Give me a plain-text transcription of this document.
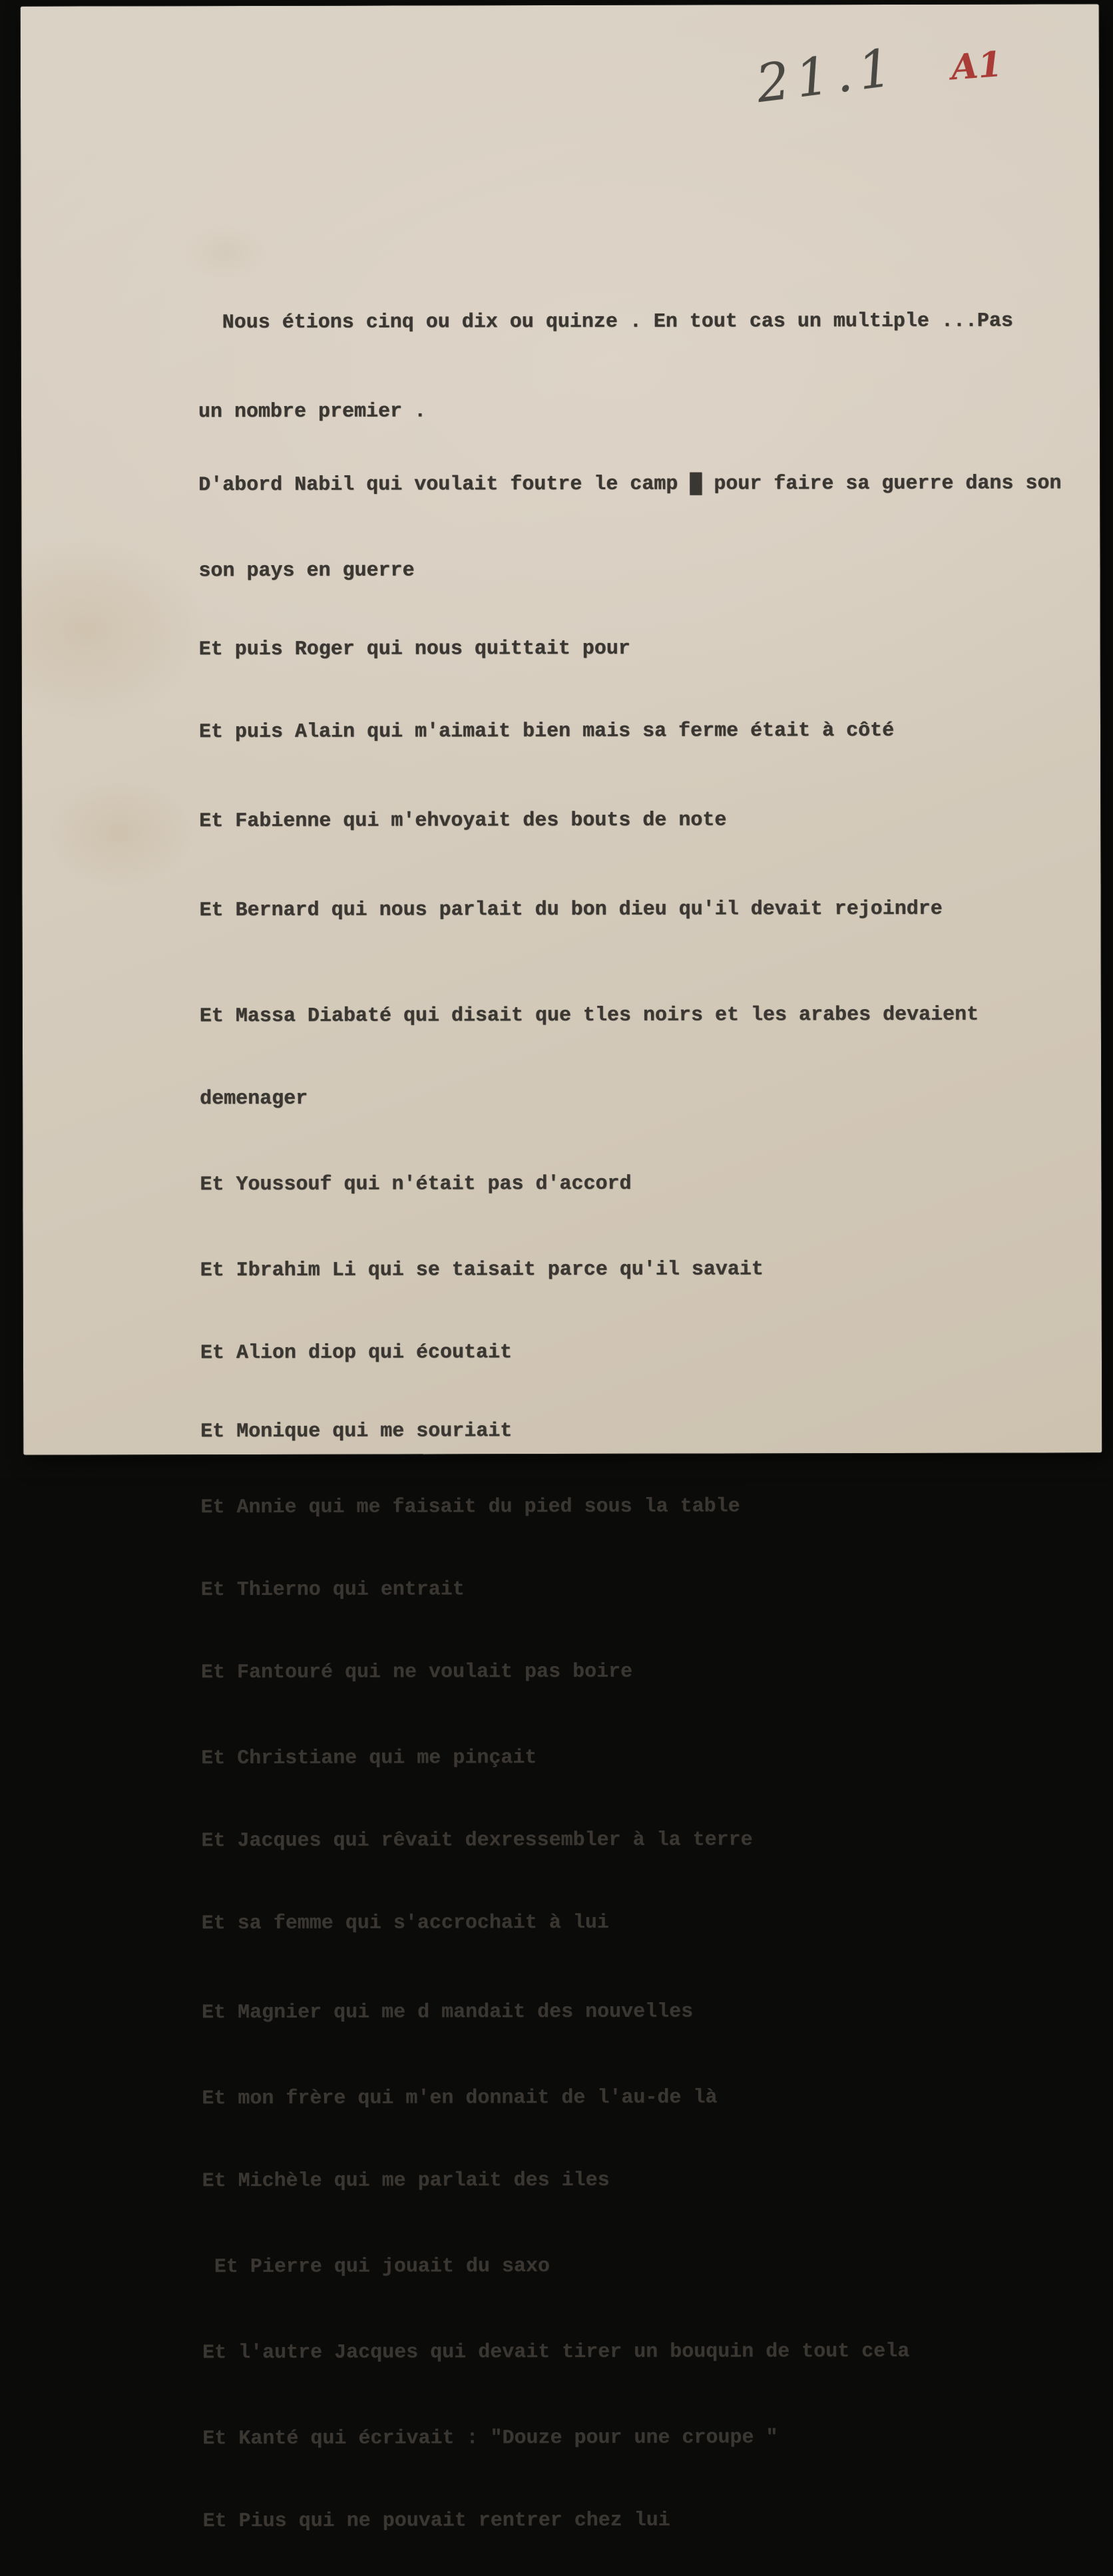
21.1 A1

Nous étions cinq ou dix ou quinze . En tout cas un multiple ...Pas

un nombre premier .

D'abord Nabil qui voulait foutre le camp █ pour faire sa guerre dans son

son pays en guerre

Et puis Roger qui nous quittait pour

Et puis Alain qui m'aimait bien mais sa ferme était à côté

Et Fabienne qui m'ehvoyait des bouts de note

Et Bernard qui nous parlait du bon dieu qu'il devait rejoindre

Et Massa Diabaté qui disait que tles noirs et les arabes devaient

demenager

Et Youssouf qui n'était pas d'accord

Et Ibrahim Li qui se taisait parce qu'il savait

Et Alion diop qui écoutait

Et Monique qui me souriait

Et Annie qui me faisait du pied sous la table

Et Thierno qui entrait

Et Fantouré qui ne voulait pas boire

Et Christiane qui me pinçait

Et Jacques qui rêvait dexressembler à la terre

Et sa femme qui s'accrochait à lui

Et Magnier qui me d mandait des nouvelles

Et mon frère qui m'en donnait de l'au-de là

Et Michèle qui me parlait des iles

Et Pierre qui jouait du saxo

Et l'autre Jacques qui devait tirer un bouquin de tout cela

Et Kanté qui écrivait : "Douze pour une croupe "

Et Pius qui ne pouvait rentrer chez lui
